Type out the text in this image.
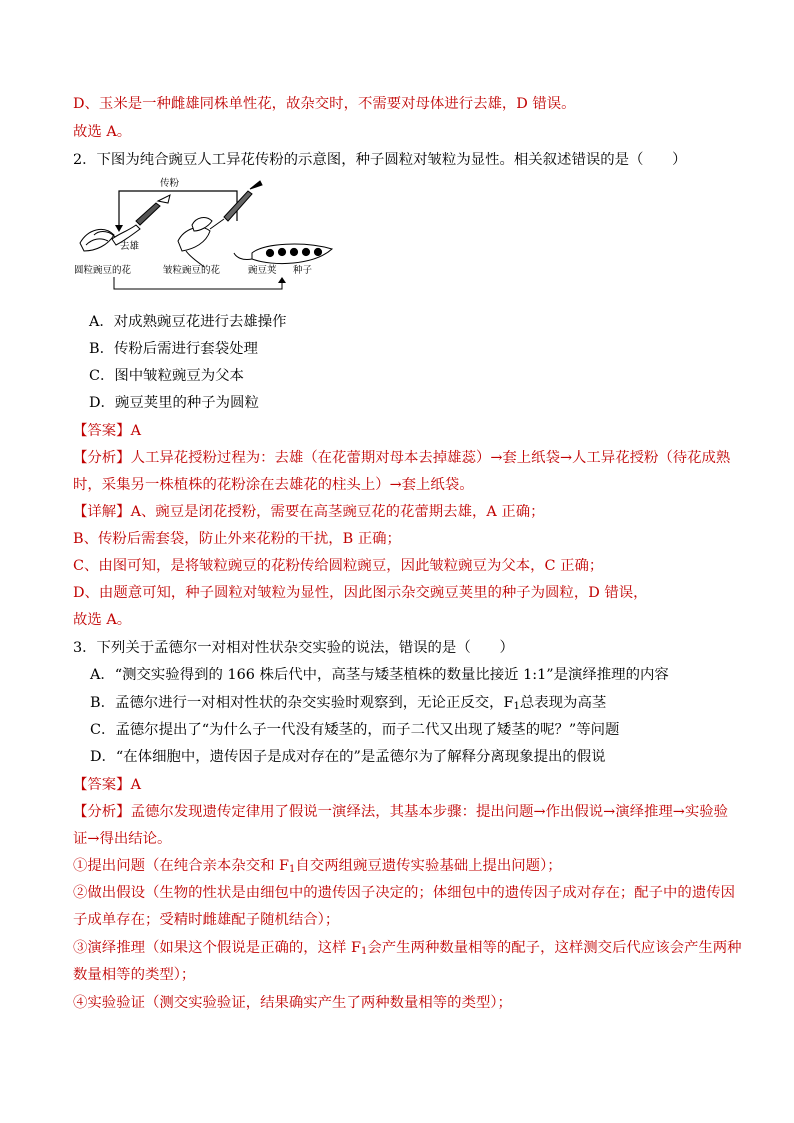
D、玉米是一种雌雄同株单性花，故杂交时，不需要对母体进行去雄，D 错误。
故选 A。
2．下图为纯合豌豆人工异花传粉的示意图，种子圆粒对皱粒为显性。相关叙述错误的是（　　）
传粉
去雄
圆粒豌豆的花	皱粒豌豆的花	豌豆荚 种子
A．对成熟豌豆花进行去雄操作
B．传粉后需进行套袋处理
C．图中皱粒豌豆为父本
D．豌豆荚里的种子为圆粒
【答案】A
【分析】人工异花授粉过程为：去雄（在花蕾期对母本去掉雄蕊）→套上纸袋→人工异花授粉（待花成熟
时，采集另一株植株的花粉涂在去雄花的柱头上）→套上纸袋。
【详解】A、豌豆是闭花授粉，需要在高茎豌豆花的花蕾期去雄，A 正确；
B、传粉后需套袋，防止外来花粉的干扰，B 正确；
C、由图可知，是将皱粒豌豆的花粉传给圆粒豌豆，因此皱粒豌豆为父本，C 正确；
D、由题意可知，种子圆粒对皱粒为显性，因此图示杂交豌豆荚里的种子为圆粒，D 错误，
故选 A。
3．下列关于孟德尔一对相对性状杂交实验的说法，错误的是（　　）
A．“测交实验得到的 166 株后代中，高茎与矮茎植株的数量比接近 1:1”是演绎推理的内容
B．孟德尔进行一对相对性状的杂交实验时观察到，无论正反交，$F_1$总表现为高茎
C．孟德尔提出了“为什么子一代没有矮茎的，而子二代又出现了矮茎的呢？”等问题
D．“在体细胞中，遗传因子是成对存在的”是孟德尔为了解释分离现象提出的假说
【答案】A
【分析】孟德尔发现遗传定律用了假说一演绎法，其基本步骤：提出问题→作出假说→演绎推理→实验验
证→得出结论。
①提出问题（在纯合亲本杂交和 $F_1$自交两组豌豆遗传实验基础上提出问题）；
②做出假设（生物的性状是由细包中的遗传因子决定的；体细包中的遗传因子成对存在；配子中的遗传因
子成单存在；受精时雌雄配子随机结合）；
③演绎推理（如果这个假说是正确的，这样 $F_1$会产生两种数量相等的配子，这样测交后代应该会产生两种
数量相等的类型）；
④实验验证（测交实验验证，结果确实产生了两种数量相等的类型）；
